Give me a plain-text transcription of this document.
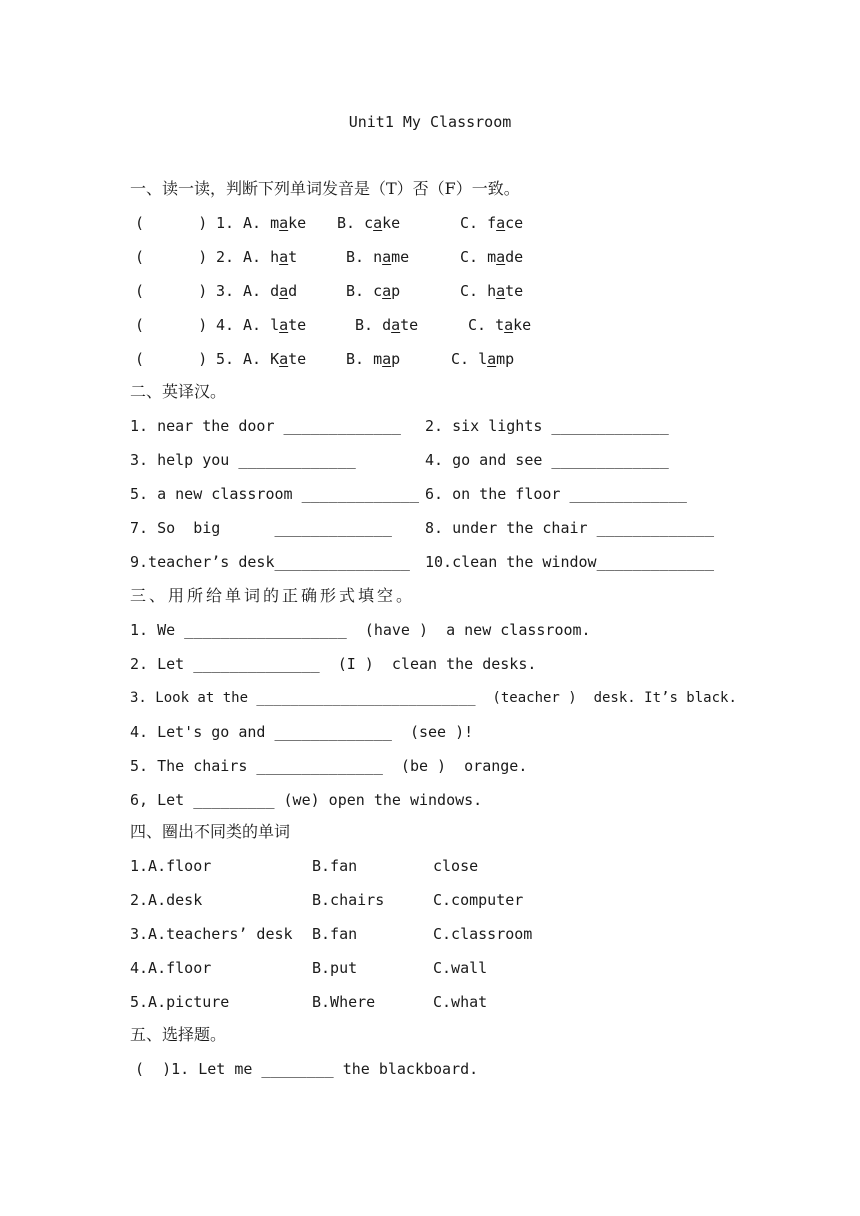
Unit1 My Classroom
一、读一读，判断下列单词发音是（T）否（F）一致。
(      ) 1. A. make B. cake	C. face
(      ) 2. A. hat	B. name	C. made
(      ) 3. A. dad	B. cap	C. hate
(      ) 4. A. late	B. date	C. take
(      ) 5. A. Kate	B. map	C. lamp
二、英译汉。
1. near the door _____________ 2. six lights _____________
3. help you _____________	4. go and see _____________
5. a new classroom _____________ 6. on the floor _____________
7. So  big      _____________ 8. under the chair _____________
9.teacher’s desk_______________ 10.clean the window_____________
三、用所给单词的正确形式填空。
1. We __________________  (have )  a new classroom.
2. Let ______________  (I )  clean the desks.
3. Look at the __________________________  (teacher )  desk. It’s black.
4. Let's go and _____________  (see )!
5. The chairs ______________  (be )  orange.
6, Let _________ (we) open the windows.
四、圈出不同类的单词
1.A.floor	B.fan	close
2.A.desk	B.chairs	C.computer
3.A.teachers’ desk B.fan	C.classroom
4.A.floor	B.put	C.wall
5.A.picture	B.Where	C.what
五、选择题。
(  )1. Let me ________ the blackboard.
